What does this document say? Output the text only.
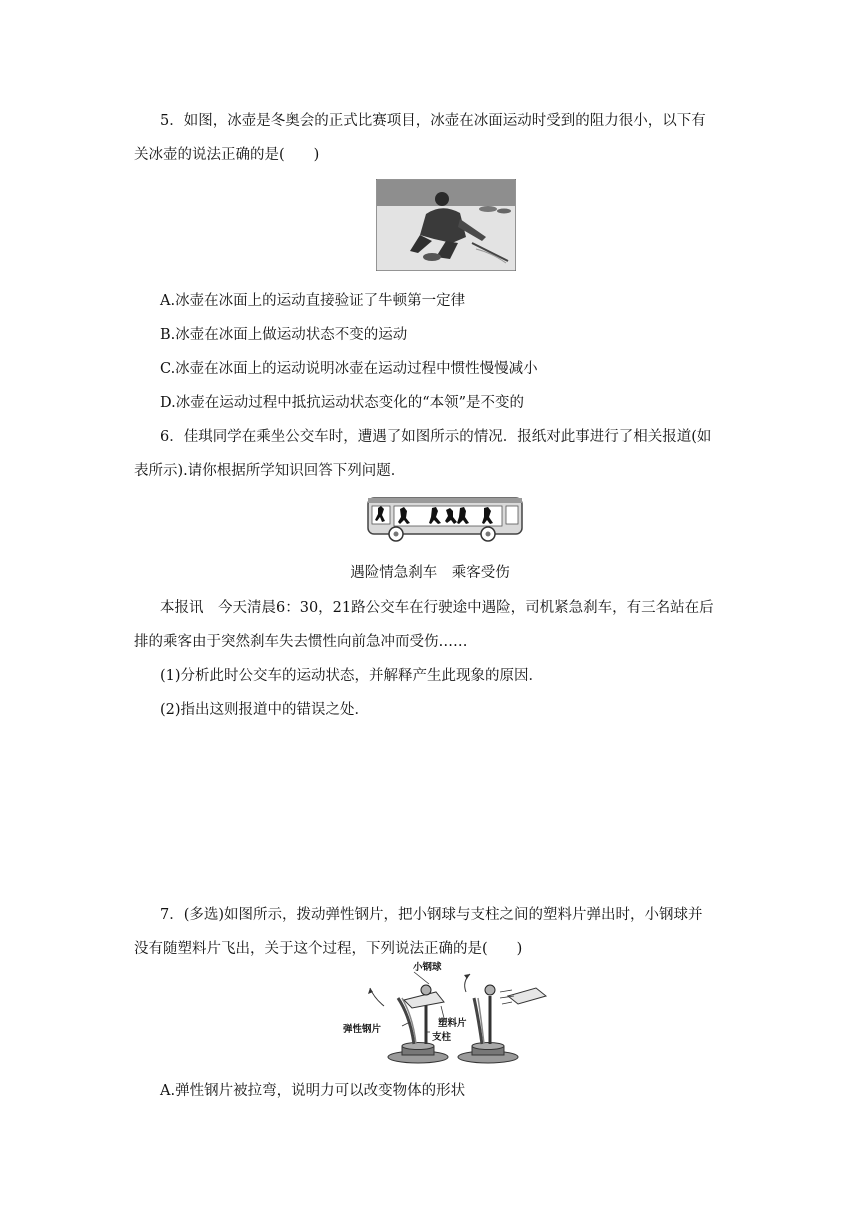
5．如图，冰壶是冬奥会的正式比赛项目，冰壶在冰面运动时受到的阻力很小，以下有
关冰壶的说法正确的是(　　)
A.冰壶在冰面上的运动直接验证了牛顿第一定律
B.冰壶在冰面上做运动状态不变的运动
C.冰壶在冰面上的运动说明冰壶在运动过程中惯性慢慢减小
D.冰壶在运动过程中抵抗运动状态变化的“本领”是不变的
6．佳琪同学在乘坐公交车时，遭遇了如图所示的情况．报纸对此事进行了相关报道(如
表所示).请你根据所学知识回答下列问题．
遇险情急刹车　乘客受伤
本报讯　今天清晨6：30，21路公交车在行驶途中遇险，司机紧急刹车，有三名站在后
排的乘客由于突然刹车失去惯性向前急冲而受伤……
(1)分析此时公交车的运动状态，并解释产生此现象的原因．
(2)指出这则报道中的错误之处．
7．(多选)如图所示，拨动弹性钢片，把小钢球与支柱之间的塑料片弹出时，小钢球并
没有随塑料片飞出，关于这个过程，下列说法正确的是(　　)
小钢球
塑料片
弹性钢片
支柱
A.弹性钢片被拉弯，说明力可以改变物体的形状
